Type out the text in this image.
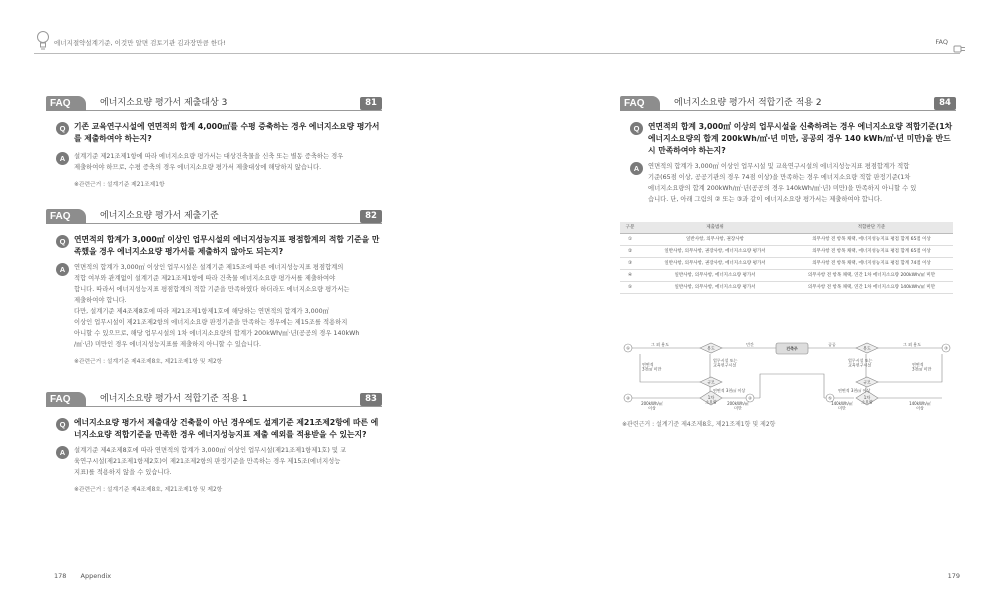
에너지절약설계기준, 이것만 알면 검토기관 김과장만큼 한다!
FAQ	에너지소요량 평가서 제출대상 3	81
Q	기존 교육연구시설에 연면적의 합계 4,000㎡를 수평 증축하는 경우 에너지소요량 평가서를 제출하여야 하는지?
A	설계기준 제21조제1항에 따라 에너지소요량 평가서는 대상건축물을 신축 또는 별동 증축하는 경우
제출하여야 하므로, 수평 증축의 경우 에너지소요량 평가서 제출대상에 해당하지 않습니다.
※관련근거 : 설계기준 제21조제1항
FAQ	에너지소요량 평가서 제출기준	82
Q	연면적의 합계가 3,000㎡ 이상인 업무시설의 에너지성능지표 평점합계의 적합 기준을 만족했을 경우 에너지소요량 평가서를 제출하지 않아도 되는지?
A	연면적의 합계가 3,000㎡ 이상인 업무시설은 설계기준 제15조에 따른 에너지성능지표 평점합계의
적합 여부와 관계없이 설계기준 제21조제1항에 따라 건축물 에너지소요량 평가서를 제출하여야
합니다. 따라서 에너지성능지표 평점합계의 적합 기준을 만족하였다 하더라도 에너지소요량 평가서는
제출하여야 합니다.
다만, 설계기준 제4조제8호에 따라 제21조제1항제1호에 해당하는 연면적의 합계가 3,000㎡
이상인 업무시설이 제21조제2항의 에너지소요량 판정기준을 만족하는 경우에는 제15조를 적용하지
아니할 수 있으므로, 해당 업무시설의 1차 에너지소요량의 합계가 200kWh/㎡·년(공공의 경우 140kWh
/㎡·년) 미만인 경우 에너지성능지표를 제출하지 아니할 수 있습니다.
※관련근거 : 설계기준 제4조제8호, 제21조제1항 및 제2항
FAQ	에너지소요량 평가서 적합기준 적용 1	83
Q	에너지소요량 평가서 제출대상 건축물이 아닌 경우에도 설계기준 제21조제2항에 따른 에너지소요량 적합기준을 만족한 경우 에너지성능지표 제출 예외를 적용받을 수 있는지?
A	설계기준 제4조제8호에 따라 연면적의 합계가 3,000㎡ 이상인 업무시설(제21조제1항제1호) 및 교
육연구시설(제21조제1항제2호)이 제21조제2항의 판정기준을 만족하는 경우 제15조(에너지성능
지표)를 적용하지 않을 수 있습니다.
※관련근거 : 설계기준 제4조제8호, 제21조제1항 및 제2항
178 Appendix
FAQ
FAQ	에너지소요량 평가서 적합기준 적용 2	84
Q	연면적의 합계 3,000㎡ 이상의 업무시설을 신축하려는 경우 에너지소요량 적합기준(1차 에너지소요량의 합계 200kWh/㎡·년 미만, 공공의 경우 140 kWh/㎡·년 미만)을 반드시 만족하여야 하는지?
A	연면적의 합계가 3,000㎡ 이상인 업무시설 및 교육연구시설의 에너지성능지표 평점합계가 적합
기준(65점 이상, 공공기관의 경우 74점 이상)을 만족하는 경우 에너지소요량 적합 판정기준(1차
에너지소요량의 합계 200kWh/㎡·년(공공의 경우 140kWh/㎡·년) 미만)을 만족하지 아니할 수 있
습니다. 단, 아래 그림의 ② 또는 ③과 같이 에너지소요량 평가서는 제출하여야 합니다.
구분	제출범위	적합판단 기준
①	일반사항, 의무사항, 권장사항	의무사항 전 항목 채택, 에너지성능지표 평점 합계 65점 이상
②	일반사항, 의무사항, 권장사항, 에너지소요량 평가서	의무사항 전 항목 채택, 에너지성능지표 평점 합계 65점 이상
③	일반사항, 의무사항, 권장사항, 에너지소요량 평가서	의무사항 전 항목 채택, 에너지성능지표 평점 합계 74점 이상
④	일반사항, 의무사항, 에너지소요량 평가서	의무사항 전 항목 채택, 연간 1차 에너지소요량 200kWh/㎡ 미만
⑤	일반사항, 의무사항, 에너지소요량 평가서	의무사항 전 항목 채택, 연간 1차 에너지소요량 140kWh/㎡ 미만
건축주
민간	공공
용도	용도
규모	규모
1차 소요량
1차 소요량
그 외 용도	그 외 용도
업무시설 또는 교육연구시설
업무시설 또는 교육연구시설
연면적 3천㎡ 미만
연면적 3천㎡ 미만
연면적 3천㎡ 이상	연면적 3천㎡ 이상
200kWh/㎡ 이상
200kWh/㎡ 미만
140kWh/㎡ 미만
140kWh/㎡ 이상
①
②	④	⑤
③
※관련근거 : 설계기준 제4조제8호, 제21조제1항 및 제2항
179
